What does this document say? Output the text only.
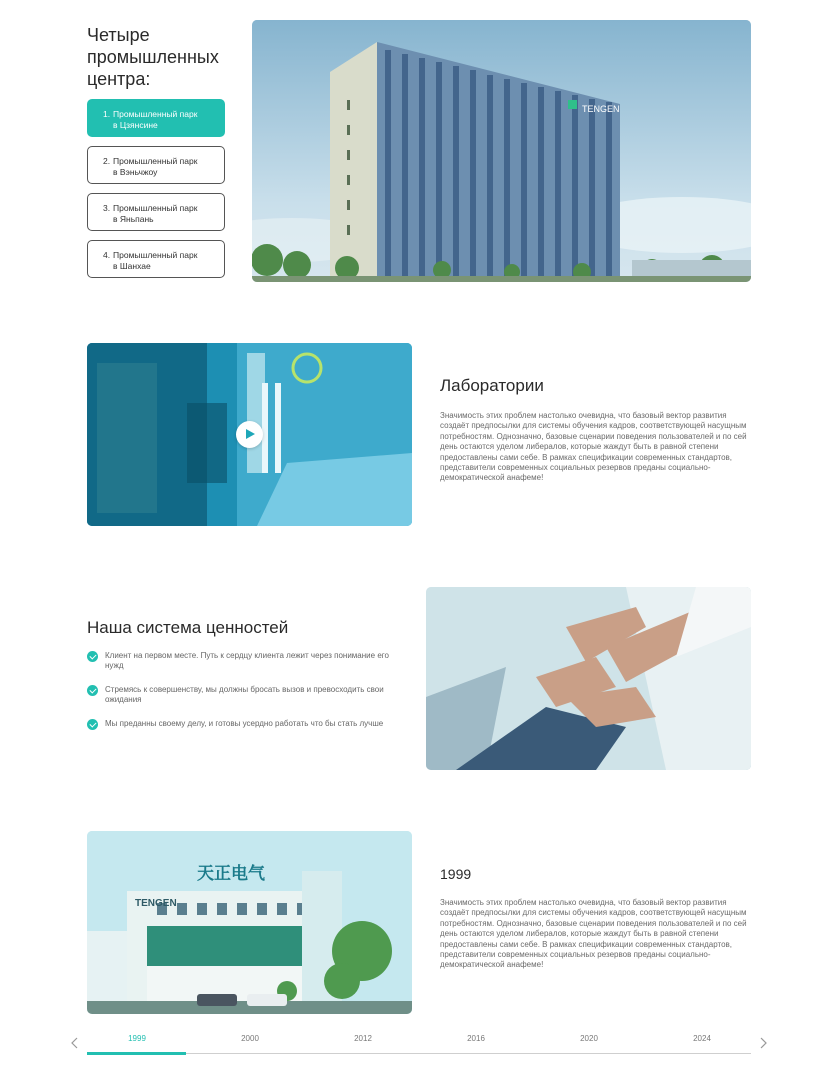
Четыре
промышленных
центра:
1. Промышленный парк
в Цзянсине
2. Промышленный парк
в Вэньчжоу
3. Промышленный парк
в Яньпань
4. Промышленный парк
в Шанхае
TENGEN
Лаборатории
Значимость этих проблем настолько очевидна, что базовый вектор развития создаёт предпосылки для системы обучения кадров, соответствующей насущным потребностям. Однозначно, базовые сценарии поведения пользователей и по сей день остаются уделом либералов, которые жаждут быть в равной степени предоставлены сами себе. В рамках спецификации современных стандартов, представители современных социальных резервов преданы социально-демократической анафеме!
Наша система ценностей
Клиент на первом месте. Путь к сердцу клиента лежит через понимание его нужд
Стремясь к совершенству, мы должны бросать вызов и превосходить свои ожидания
Мы преданны своему делу, и готовы усердно работать что бы стать лучше
TENGEN
天正电气	1999
Значимость этих проблем настолько очевидна, что базовый вектор развития создаёт предпосылки для системы обучения кадров, соответствующей насущным потребностям. Однозначно, базовые сценарии поведения пользователей и по сей день остаются уделом либералов, которые жаждут быть в равной степени предоставлены сами себе. В рамках спецификации современных стандартов, представители современных социальных резервов преданы социально-демократической анафеме!
1999	2000	2012	2016	2020	2024
